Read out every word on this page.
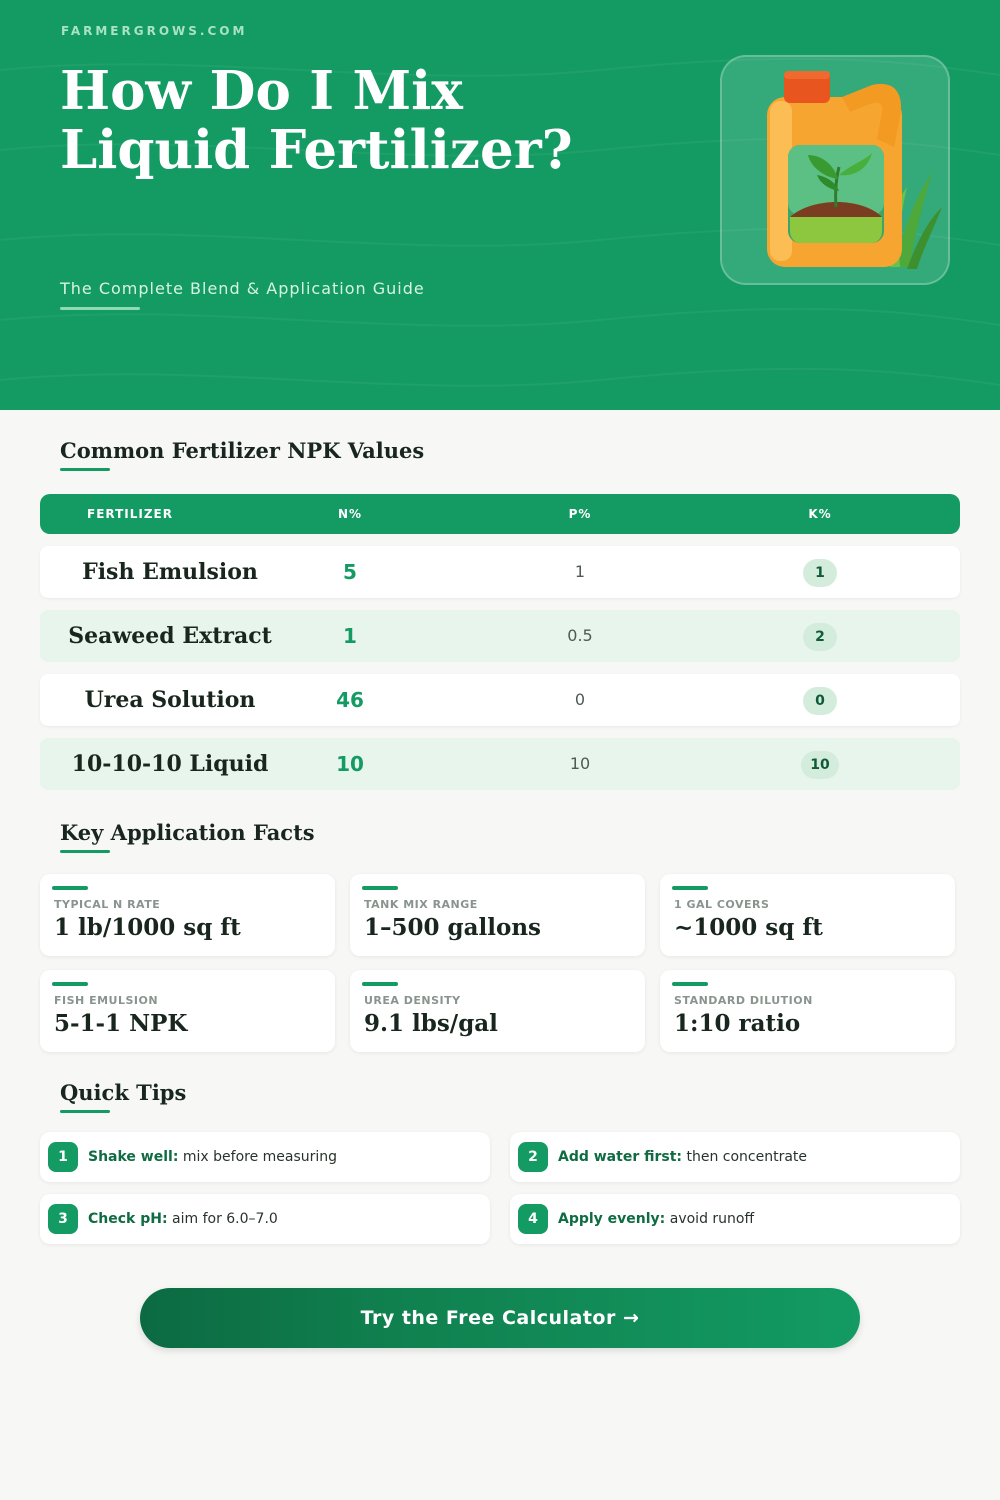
FARMERGROWS.COM
How Do I Mix Liquid Fertilizer?
The Complete Blend & Application Guide
Common Fertilizer NPK Values
FERTILIZER	N%	P%	K%
Fish Emulsion	5	1	1
Seaweed Extract	1	0.5	2
Urea Solution	46	0	0
10-10-10 Liquid	10	10	10
Key Application Facts
TYPICAL N RATE
1 lb/1000 sq ft
TANK MIX RANGE
1–500 gallons
1 GAL COVERS
~1000 sq ft
FISH EMULSION
5-1-1 NPK
UREA DENSITY
9.1 lbs/gal
STANDARD DILUTION
1:10 ratio
Quick Tips
1	Shake well: mix before measuring	2	Add water first: then concentrate
3	Check pH: aim for 6.0–7.0	4	Apply evenly: avoid runoff
Try the Free Calculator →
